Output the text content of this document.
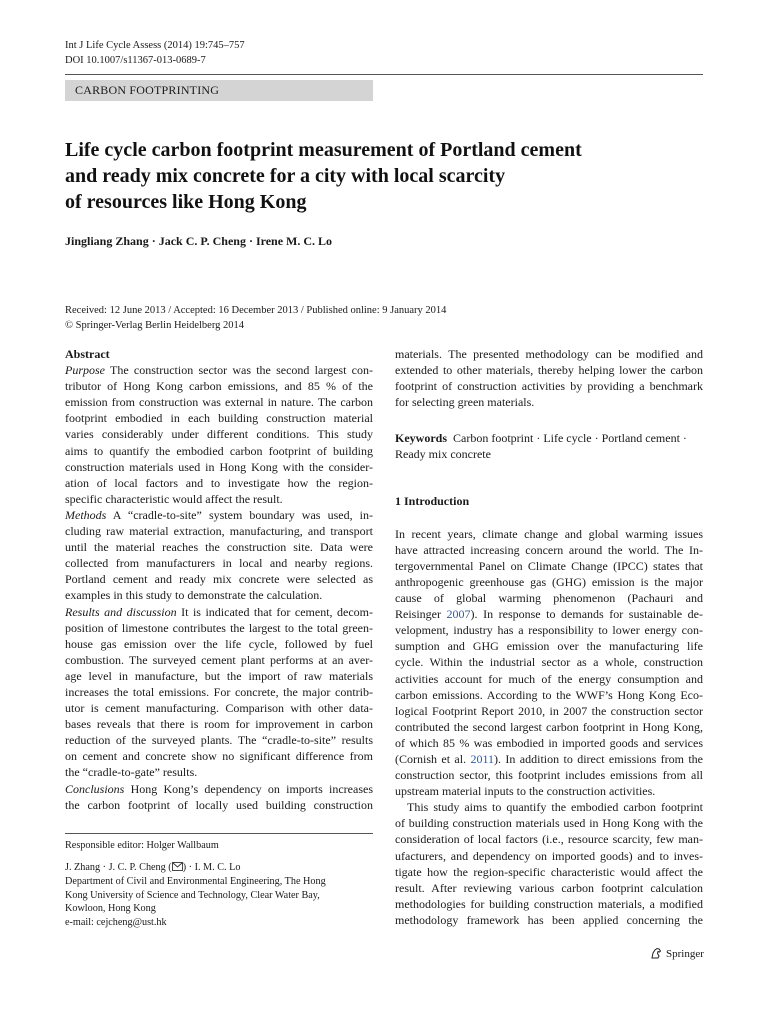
Int J Life Cycle Assess (2014) 19:745–757
DOI 10.1007/s11367-013-0689-7
CARBON FOOTPRINTING
Life cycle carbon footprint measurement of Portland cement
and ready mix concrete for a city with local scarcity
of resources like Hong Kong
Jingliang Zhang · Jack C. P. Cheng · Irene M. C. Lo
Received: 12 June 2013 / Accepted: 16 December 2013 / Published online: 9 January 2014
© Springer-Verlag Berlin Heidelberg 2014
Abstract
Purpose The construction sector was the second largest con-
tributor of Hong Kong carbon emissions, and 85 % of the
emission from construction was external in nature. The carbon
footprint embodied in each building construction material
varies considerably under different conditions. This study
aims to quantify the embodied carbon footprint of building
construction materials used in Hong Kong with the consider-
ation of local factors and to investigate how the region-
specific characteristic would affect the result.
Methods A “cradle-to-site” system boundary was used, in-
cluding raw material extraction, manufacturing, and transport
until the material reaches the construction site. Data were
collected from manufacturers in local and nearby regions.
Portland cement and ready mix concrete were selected as
examples in this study to demonstrate the calculation.
Results and discussion It is indicated that for cement, decom-
position of limestone contributes the largest to the total green-
house gas emission over the life cycle, followed by fuel
combustion. The surveyed cement plant performs at an aver-
age level in manufacture, but the import of raw materials
increases the total emissions. For concrete, the major contrib-
utor is cement manufacturing. Comparison with other data-
bases reveals that there is room for improvement in carbon
reduction of the surveyed plants. The “cradle-to-site” results
on cement and concrete show no significant difference from
the “cradle-to-gate” results.
Conclusions Hong Kong’s dependency on imports increases
the carbon footprint of locally used building construction
Responsible editor: Holger Wallbaum
J. Zhang · J. C. P. Cheng ( ) · I. M. C. Lo
Department of Civil and Environmental Engineering, The Hong
Kong University of Science and Technology, Clear Water Bay,
Kowloon, Hong Kong
e-mail: cejcheng@ust.hk
materials. The presented methodology can be modified and
extended to other materials, thereby helping lower the carbon
footprint of construction activities by providing a benchmark
for selecting green materials.
Keywords Carbon footprint · Life cycle · Portland cement ·
Ready mix concrete
1 Introduction
In recent years, climate change and global warming issues
have attracted increasing concern around the world. The In-
tergovernmental Panel on Climate Change (IPCC) states that
anthropogenic greenhouse gas (GHG) emission is the major
cause of global warming phenomenon (Pachauri and
Reisinger 2007). In response to demands for sustainable de-
velopment, industry has a responsibility to lower energy con-
sumption and GHG emission over the manufacturing life
cycle. Within the industrial sector as a whole, construction
activities account for much of the energy consumption and
carbon emissions. According to the WWF’s Hong Kong Eco-
logical Footprint Report 2010, in 2007 the construction sector
contributed the second largest carbon footprint in Hong Kong,
of which 85 % was embodied in imported goods and services
(Cornish et al. 2011). In addition to direct emissions from the
construction sector, this footprint includes emissions from all
upstream material inputs to the construction activities.
This study aims to quantify the embodied carbon footprint
of building construction materials used in Hong Kong with the
consideration of local factors (i.e., resource scarcity, few man-
ufacturers, and dependency on imported goods) and to inves-
tigate how the region-specific characteristic would affect the
result. After reviewing various carbon footprint calculation
methodologies for building construction materials, a modified
methodology framework has been applied concerning the
Springer
